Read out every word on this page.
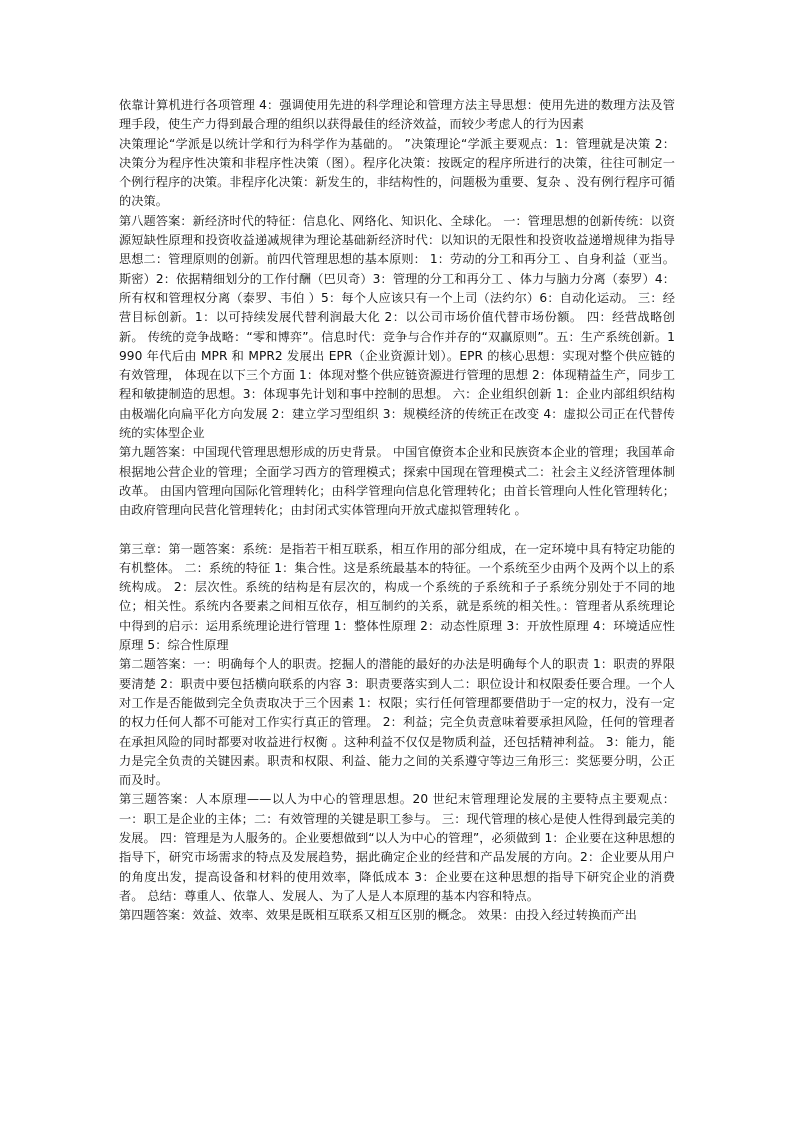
依靠计算机进行各项管理 4：强调使用先进的科学理论和管理方法主导思想：使用先进的数理方法及管理手段，使生产力得到最合理的组织以获得最佳的经济效益，而较少考虑人的行为因素

决策理论“学派是以统计学和行为科学作为基础的。 ”决策理论“学派主要观点：1：管理就是决策 2：决策分为程序性决策和非程序性决策（图）。程序化决策：按既定的程序所进行的决策，往往可制定一个例行程序的决策。非程序化决策：新发生的，非结构性的，问题极为重要、复杂 、没有例行程序可循的决策。

第八题答案：新经济时代的特征：信息化、网络化、知识化、全球化。 一：管理思想的创新传统：以资源短缺性原理和投资收益递减规律为理论基础新经济时代：以知识的无限性和投资收益递增规律为指导思想二：管理原则的创新。前四代管理思想的基本原则： 1：劳动的分工和再分工 、自身利益（亚当。斯密）2：依据精细划分的工作付酬（巴贝奇）3：管理的分工和再分工 、体力与脑力分离（泰罗）4：所有权和管理权分离（泰罗、韦伯 ）5：每个人应该只有一个上司（法约尔）6：自动化运动。 三：经营目标创新。1：以可持续发展代替利润最大化 2：以公司市场价值代替市场份额。 四：经营战略创新。 传统的竞争战略：“零和博弈”。信息时代：竞争与合作并存的“双赢原则”。五：生产系统创新。1990 年代后由 MPR 和 MPR2 发展出 EPR（企业资源计划）。EPR 的核心思想：实现对整个供应链的有效管理， 体现在以下三个方面 1：体现对整个供应链资源进行管理的思想 2：体现精益生产，同步工程和敏捷制造的思想。3：体现事先计划和事中控制的思想。 六：企业组织创新 1：企业内部组织结构由极端化向扁平化方向发展 2：建立学习型组织 3：规模经济的传统正在改变 4：虚拟公司正在代替传统的实体型企业

第九题答案：中国现代管理思想形成的历史背景。 中国官僚资本企业和民族资本企业的管理；我国革命根据地公营企业的管理；全面学习西方的管理模式；探索中国现在管理模式二：社会主义经济管理体制改革。 由国内管理向国际化管理转化；由科学管理向信息化管理转化；由首长管理向人性化管理转化；由政府管理向民营化管理转化；由封闭式实体管理向开放式虚拟管理转化 。

第三章：第一题答案：系统：是指若干相互联系，相互作用的部分组成，在一定环境中具有特定功能的有机整体。 二：系统的特征 1：集合性。这是系统最基本的特征。一个系统至少由两个及两个以上的系统构成。 2：层次性。系统的结构是有层次的，构成一个系统的子系统和子子系统分别处于不同的地位；相关性。系统内各要素之间相互依存，相互制约的关系，就是系统的相关性。：管理者从系统理论中得到的启示：运用系统理论进行管理 1：整体性原理 2：动态性原理 3：开放性原理 4：环境适应性原理 5：综合性原理

第二题答案：一：明确每个人的职责。挖掘人的潜能的最好的办法是明确每个人的职责 1：职责的界限要清楚 2：职责中要包括横向联系的内容 3：职责要落实到人二：职位设计和权限委任要合理。一个人对工作是否能做到完全负责取决于三个因素 1：权限；实行任何管理都要借助于一定的权力，没有一定的权力任何人都不可能对工作实行真正的管理。 2：利益；完全负责意味着要承担风险，任何的管理者在承担风险的同时都要对收益进行权衡 。这种利益不仅仅是物质利益，还包括精神利益。 3：能力，能力是完全负责的关键因素。职责和权限、利益、能力之间的关系遵守等边三角形三：奖惩要分明，公正而及时。

第三题答案：人本原理——以人为中心的管理思想。20 世纪末管理理论发展的主要特点主要观点：一：职工是企业的主体；二：有效管理的关键是职工参与。 三：现代管理的核心是使人性得到最完美的发展。 四：管理是为人服务的。企业要想做到“以人为中心的管理”，必须做到 1：企业要在这种思想的指导下，研究市场需求的特点及发展趋势，据此确定企业的经营和产品发展的方向。2：企业要从用户的角度出发，提高设备和材料的使用效率，降低成本 3：企业要在这种思想的指导下研究企业的消费者。 总结：尊重人、依靠人、发展人、为了人是人本原理的基本内容和特点。

第四题答案：效益、效率、效果是既相互联系又相互区别的概念。 效果：由投入经过转换而产出
